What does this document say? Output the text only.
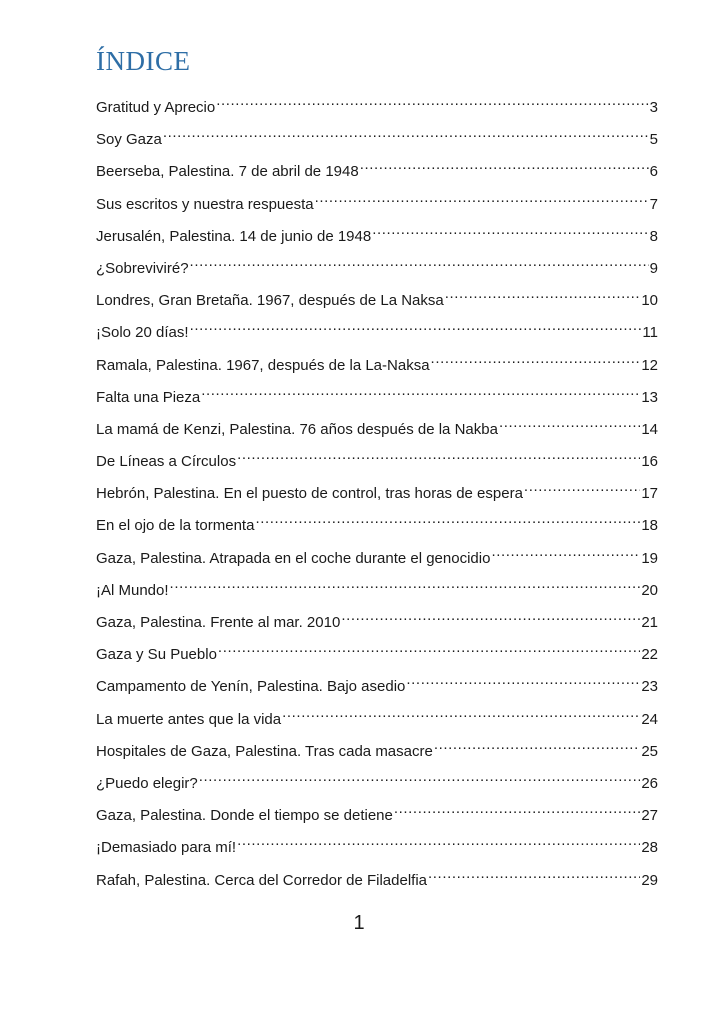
ÍNDICE
Gratitud y Aprecio .....	3
Soy Gaza .....	5
Beerseba, Palestina. 7 de abril de 1948 .....	6
Sus escritos y nuestra respuesta .....	7
Jerusalén, Palestina. 14 de junio de 1948 .....	8
¿Sobreviviré? .....	9
Londres, Gran Bretaña. 1967, después de La Naksa .....	10
¡Solo 20 días! .....	11
Ramala, Palestina. 1967, después de la La-Naksa .....	12
Falta una Pieza .....	13
La mamá de Kenzi, Palestina. 76 años después de la Nakba .....	14
De Líneas a Círculos .....	16
Hebrón, Palestina. En el puesto de control, tras horas de espera .....	17
En el ojo de la tormenta .....	18
Gaza, Palestina. Atrapada en el coche durante el genocidio .....	19
¡Al Mundo! .....	20
Gaza, Palestina. Frente al mar. 2010 .....	21
Gaza y Su Pueblo .....	22
Campamento de Yenín, Palestina. Bajo asedio .....	23
La muerte antes que la vida .....	24
Hospitales de Gaza, Palestina. Tras cada masacre .....	25
¿Puedo elegir? .....	26
Gaza, Palestina. Donde el tiempo se detiene .....	27
¡Demasiado para mí! .....	28
Rafah, Palestina. Cerca del Corredor de Filadelfia .....	29
1
